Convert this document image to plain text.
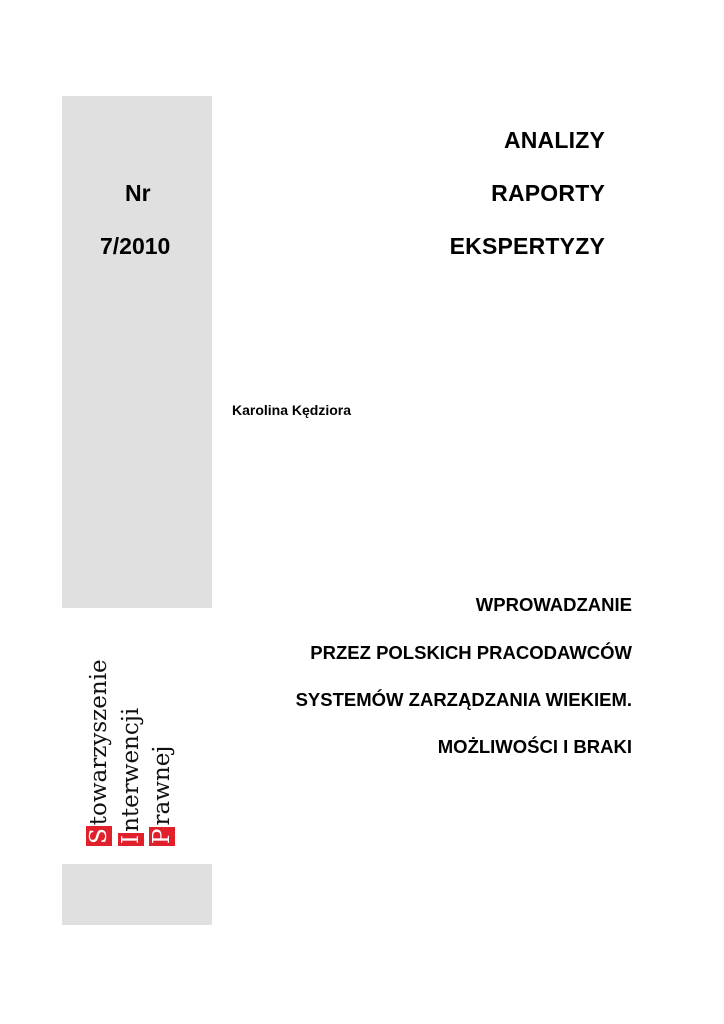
Nr
7/2010
ANALIZY
RAPORTY
EKSPERTYZY
Karolina Kędziora
WPROWADZANIE
PRZEZ POLSKICH PRACODAWCÓW
SYSTEMÓW ZARZĄDZANIA WIEKIEM.
MOŻLIWOŚCI I BRAKI
Stowarzyszenie
Interwencji
Prawnej
